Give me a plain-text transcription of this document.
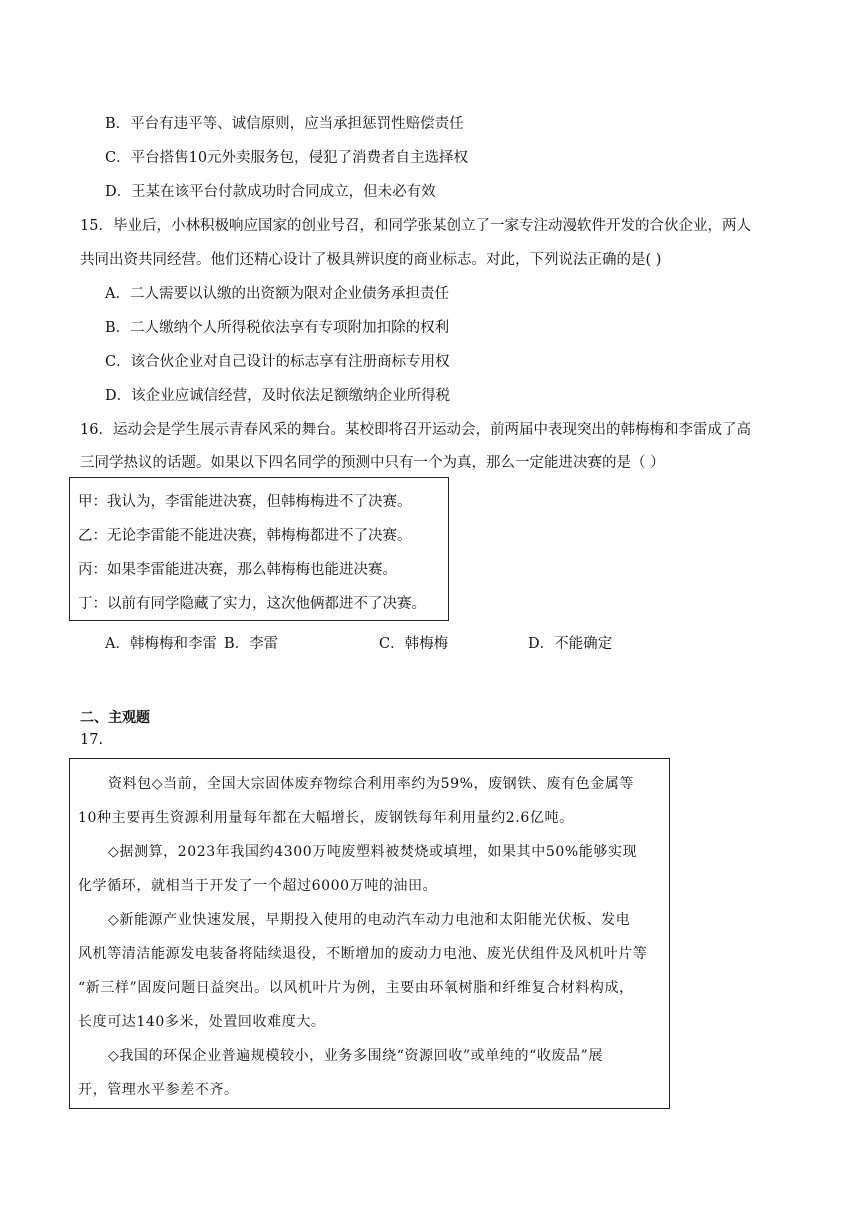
B．平台有违平等、诚信原则，应当承担惩罚性赔偿责任
C．平台搭售10元外卖服务包，侵犯了消费者自主选择权
D．王某在该平台付款成功时合同成立，但未必有效
15．毕业后，小林积极响应国家的创业号召，和同学张某创立了一家专注动漫软件开发的合伙企业，两人
共同出资共同经营。他们还精心设计了极具辨识度的商业标志。对此，下列说法正确的是( )
A．二人需要以认缴的出资额为限对企业债务承担责任
B．二人缴纳个人所得税依法享有专项附加扣除的权利
C．该合伙企业对自己设计的标志享有注册商标专用权
D．该企业应诚信经营，及时依法足额缴纳企业所得税
16．运动会是学生展示青春风采的舞台。某校即将召开运动会，前两届中表现突出的韩梅梅和李雷成了高
三同学热议的话题。如果以下四名同学的预测中只有一个为真，那么一定能进决赛的是（ ）
甲：我认为，李雷能进决赛，但韩梅梅进不了决赛。
乙：无论李雷能不能进决赛，韩梅梅都进不了决赛。
丙：如果李雷能进决赛，那么韩梅梅也能进决赛。
丁：以前有同学隐藏了实力，这次他俩都进不了决赛。
A．韩梅梅和李雷 B．李雷	C．韩梅梅	D．不能确定
二、主观题
17.
资料包◇当前，全国大宗固体废弃物综合利用率约为59%，废钢铁、废有色金属等
10种主要再生资源利用量每年都在大幅增长，废钢铁每年利用量约2.6亿吨。
◇据测算，2023年我国约4300万吨废塑料被焚烧或填埋，如果其中50%能够实现
化学循环，就相当于开发了一个超过6000万吨的油田。
◇新能源产业快速发展，早期投入使用的电动汽车动力电池和太阳能光伏板、发电
风机等清洁能源发电装备将陆续退役，不断增加的废动力电池、废光伏组件及风机叶片等
“新三样”固废问题日益突出。以风机叶片为例，主要由环氧树脂和纤维复合材料构成，
长度可达140多米，处置回收难度大。
◇我国的环保企业普遍规模较小，业务多围绕“资源回收”或单纯的“收废品”展
开，管理水平参差不齐。
